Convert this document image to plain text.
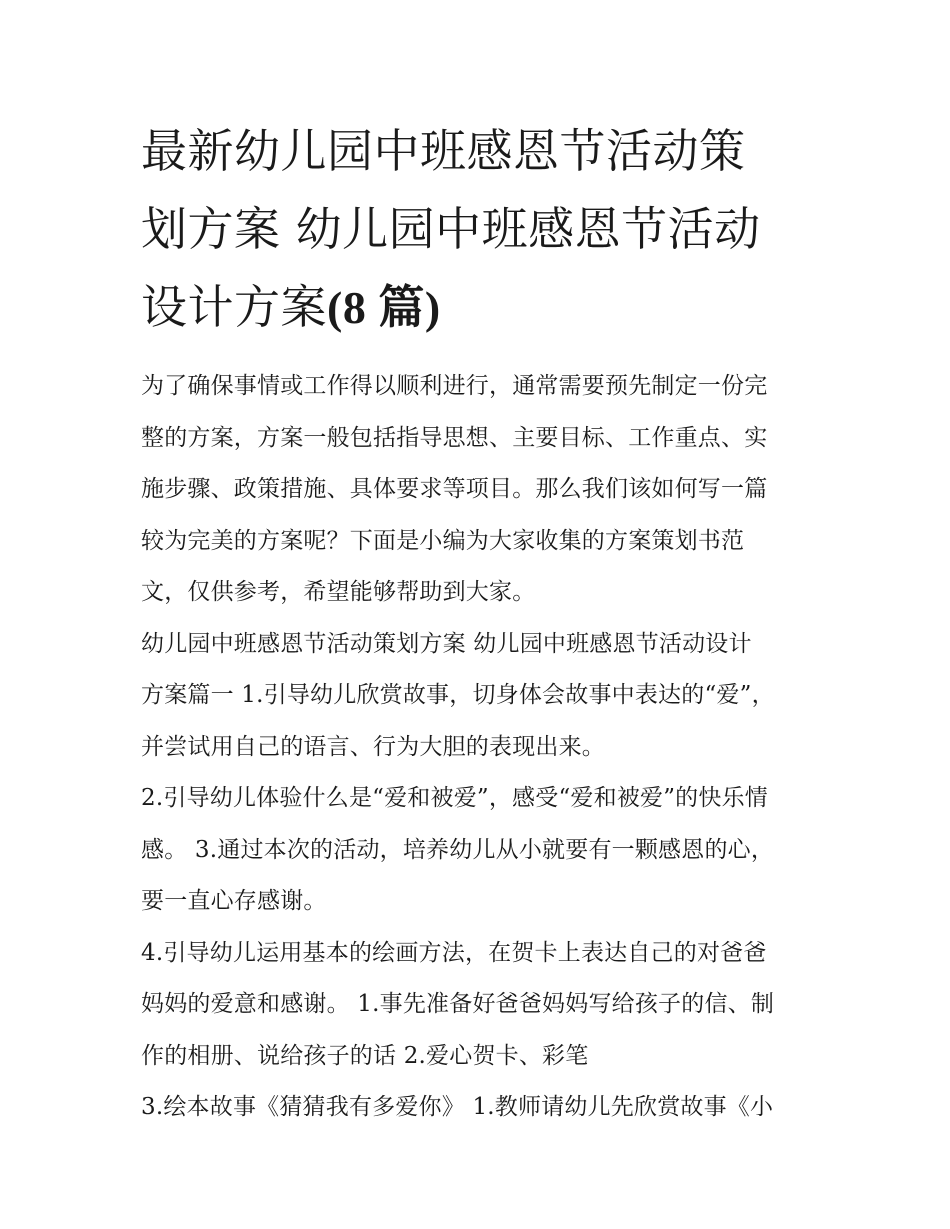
最新幼儿园中班感恩节活动策
划方案 幼儿园中班感恩节活动
设计方案(8 篇)
为了确保事情或工作得以顺利进行，通常需要预先制定一份完
整的方案，方案一般包括指导思想、主要目标、工作重点、实
施步骤、政策措施、具体要求等项目。那么我们该如何写一篇
较为完美的方案呢？下面是小编为大家收集的方案策划书范
文，仅供参考，希望能够帮助到大家。
幼儿园中班感恩节活动策划方案 幼儿园中班感恩节活动设计
方案篇一 1.引导幼儿欣赏故事，切身体会故事中表达的“爱”，
并尝试用自己的语言、行为大胆的表现出来。
2.引导幼儿体验什么是“爱和被爱”，感受“爱和被爱”的快乐情
感。 3.通过本次的活动，培养幼儿从小就要有一颗感恩的心，
要一直心存感谢。
4.引导幼儿运用基本的绘画方法，在贺卡上表达自己的对爸爸
妈妈的爱意和感谢。 1.事先准备好爸爸妈妈写给孩子的信、制
作的相册、说给孩子的话 2.爱心贺卡、彩笔
3.绘本故事《猜猜我有多爱你》 1.教师请幼儿先欣赏故事《小
